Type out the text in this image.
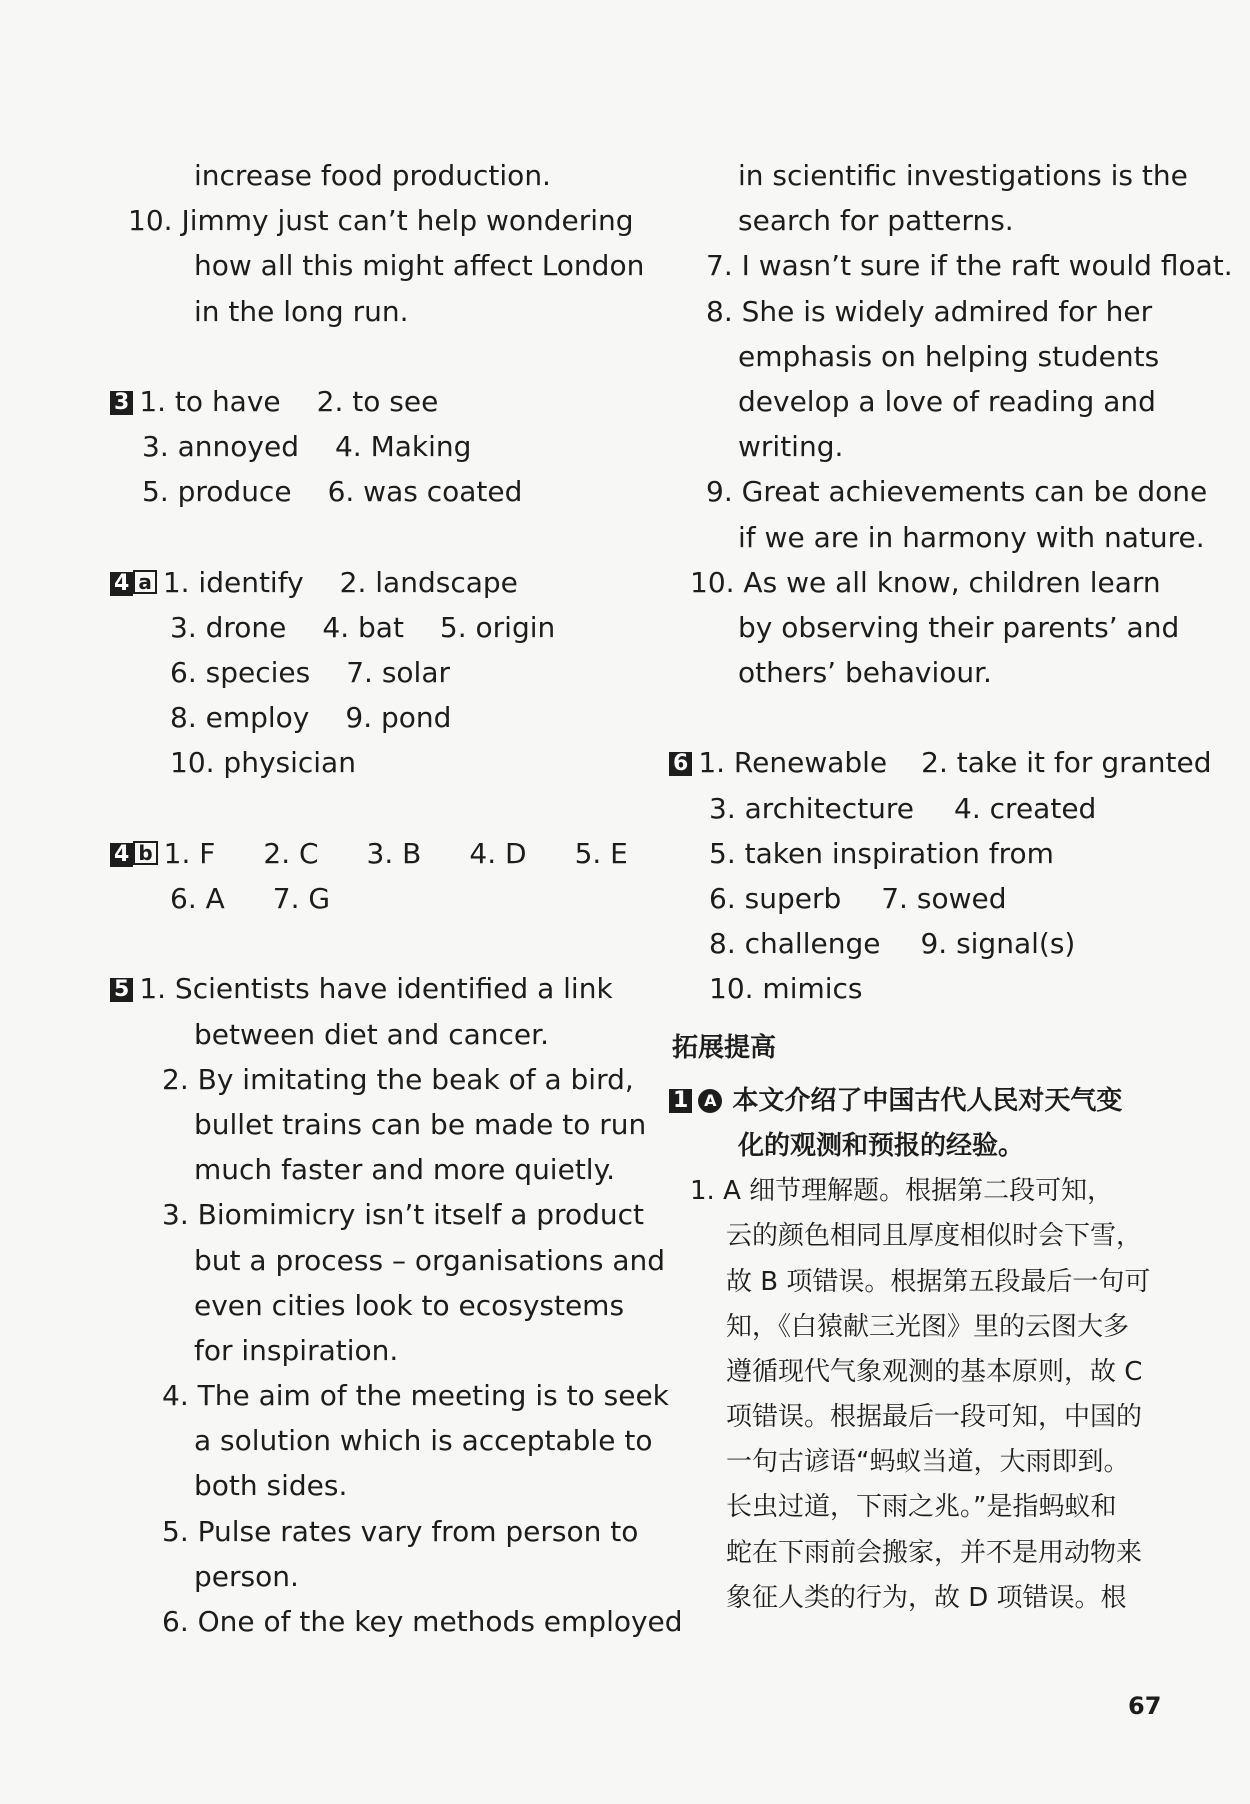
increase food production.
10. Jimmy just can’t help wondering
how all this might affect London
in the long run.
3 1. to have 2. to see
3. annoyed 4. Making
5. produce 6. was coated
4 a 1. identify 2. landscape
3. drone 4. bat 5. origin
6. species 7. solar
8. employ 9. pond
10. physician
4 b 1. F 2. C 3. B 4. D 5. E
6. A 7. G
5 1. Scientists have identified a link
between diet and cancer.
2. By imitating the beak of a bird,
bullet trains can be made to run
much faster and more quietly.
3. Biomimicry isn’t itself a product
but a process – organisations and
even cities look to ecosystems
for inspiration.
4. The aim of the meeting is to seek
a solution which is acceptable to
both sides.
5. Pulse rates vary from person to
person.
6. One of the key methods employed
in scientific investigations is the
search for patterns.
7. I wasn’t sure if the raft would float.
8. She is widely admired for her
emphasis on helping students
develop a love of reading and
writing.
9. Great achievements can be done
if we are in harmony with nature.
10. As we all know, children learn
by observing their parents’ and
others’ behaviour.
6 1. Renewable 2. take it for granted
3. architecture 4. created
5. taken inspiration from
6. superb 7. sowed
8. challenge 9. signal(s)
10. mimics
拓展提高
1 A 本文介绍了中国古代人民对天气变
化的观测和预报的经验。
1. A 细节理解题。根据第二段可知，
云的颜色相同且厚度相似时会下雪，
故 B 项错误。根据第五段最后一句可
知，《白猿献三光图》里的云图大多
遵循现代气象观测的基本原则，故 C
项错误。根据最后一段可知，中国的
一句古谚语“蚂蚁当道，大雨即到。
长虫过道，下雨之兆。”是指蚂蚁和
蛇在下雨前会搬家，并不是用动物来
象征人类的行为，故 D 项错误。根
67
